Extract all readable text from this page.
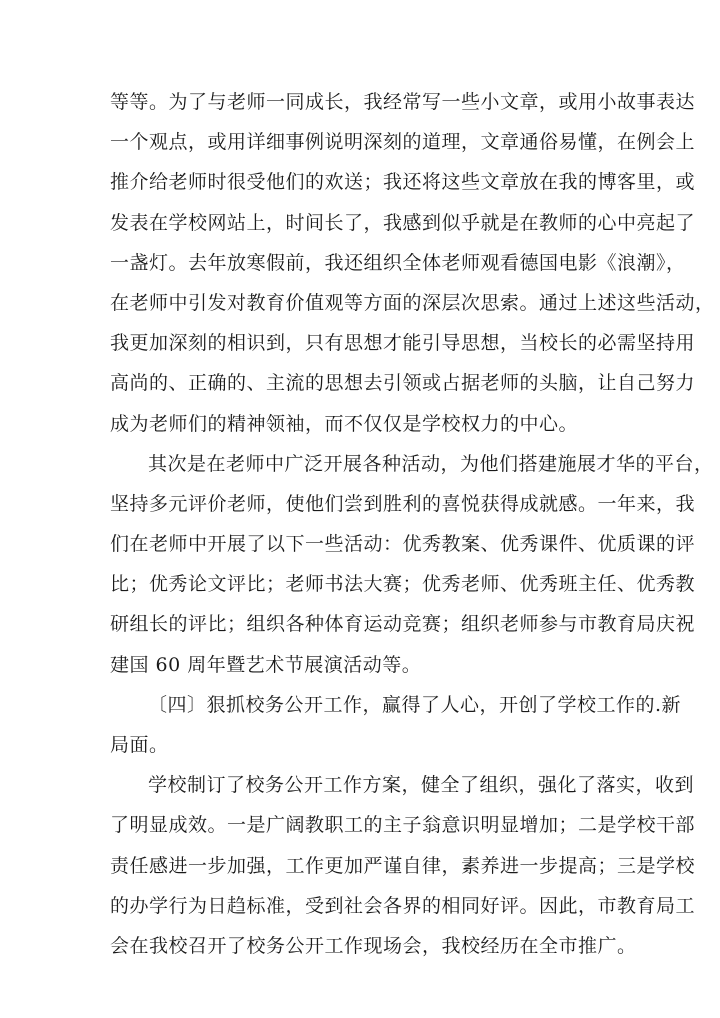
等等。为了与老师一同成长，我经常写一些小文章，或用小故事表达
一个观点，或用详细事例说明深刻的道理，文章通俗易懂，在例会上
推介给老师时很受他们的欢送；我还将这些文章放在我的博客里，或
发表在学校网站上，时间长了，我感到似乎就是在教师的心中亮起了
一盏灯。去年放寒假前，我还组织全体老师观看德国电影《浪潮》，
在老师中引发对教育价值观等方面的深层次思索。通过上述这些活动，
我更加深刻的相识到，只有思想才能引导思想，当校长的必需坚持用
高尚的、正确的、主流的思想去引领或占据老师的头脑，让自己努力
成为老师们的精神领袖，而不仅仅是学校权力的中心。
其次是在老师中广泛开展各种活动，为他们搭建施展才华的平台，
坚持多元评价老师，使他们尝到胜利的喜悦获得成就感。一年来，我
们在老师中开展了以下一些活动：优秀教案、优秀课件、优质课的评
比；优秀论文评比；老师书法大赛；优秀老师、优秀班主任、优秀教
研组长的评比；组织各种体育运动竞赛；组织老师参与市教育局庆祝
建国 60 周年暨艺术节展演活动等。
〔四〕狠抓校务公开工作，赢得了人心，开创了学校工作的.新
局面。
学校制订了校务公开工作方案，健全了组织，强化了落实，收到
了明显成效。一是广阔教职工的主子翁意识明显增加；二是学校干部
责任感进一步加强，工作更加严谨自律，素养进一步提高；三是学校
的办学行为日趋标准，受到社会各界的相同好评。因此，市教育局工
会在我校召开了校务公开工作现场会，我校经历在全市推广。
